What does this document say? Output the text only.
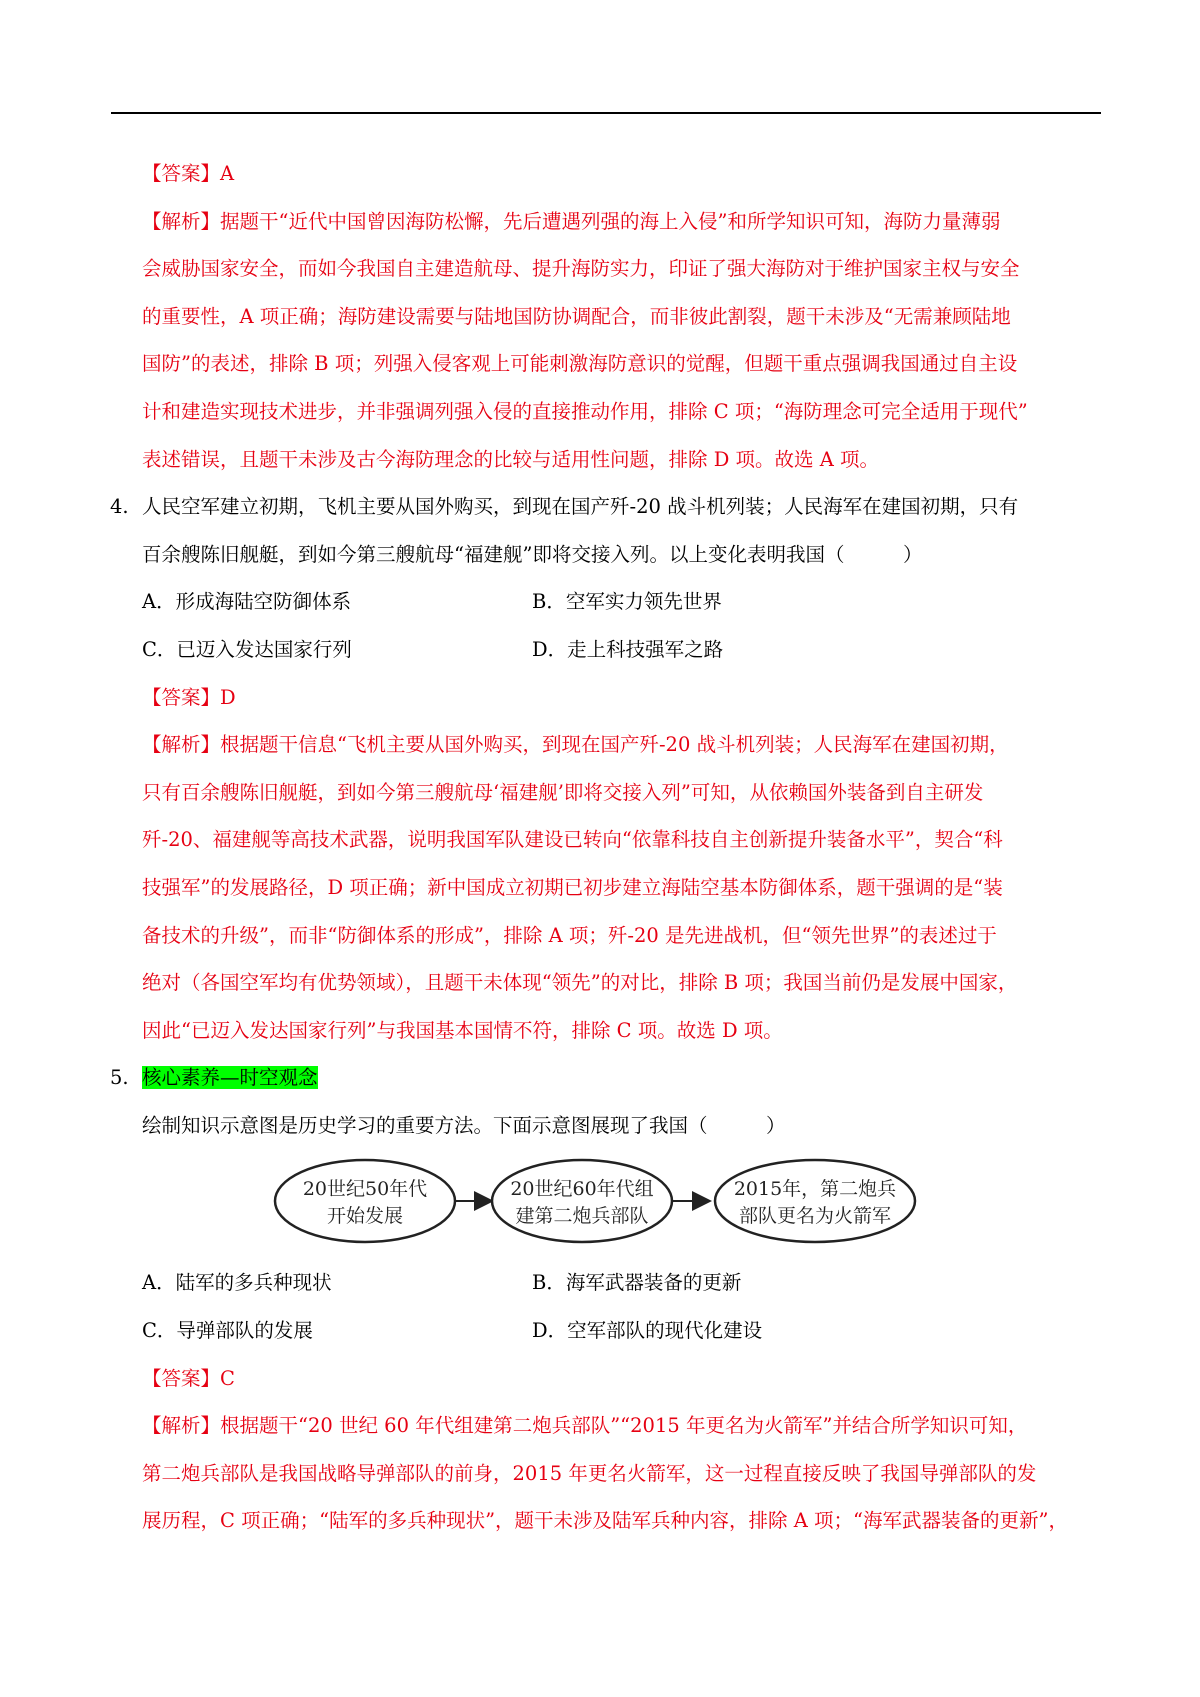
【答案】A
【解析】据题干“近代中国曾因海防松懈，先后遭遇列强的海上入侵”和所学知识可知，海防力量薄弱
会威胁国家安全，而如今我国自主建造航母、提升海防实力，印证了强大海防对于维护国家主权与安全
的重要性，A 项正确；海防建设需要与陆地国防协调配合，而非彼此割裂，题干未涉及“无需兼顾陆地
国防”的表述，排除 B 项；列强入侵客观上可能刺激海防意识的觉醒，但题干重点强调我国通过自主设
计和建造实现技术进步，并非强调列强入侵的直接推动作用，排除 C 项；“海防理念可完全适用于现代”
表述错误，且题干未涉及古今海防理念的比较与适用性问题，排除 D 项。故选 A 项。
4. 人民空军建立初期，飞机主要从国外购买，到现在国产歼-20 战斗机列装；人民海军在建国初期，只有
百余艘陈旧舰艇，到如今第三艘航母“福建舰”即将交接入列。以上变化表明我国（　　　）
A．形成海陆空防御体系	B．空军实力领先世界
C．已迈入发达国家行列	D．走上科技强军之路
【答案】D
【解析】根据题干信息“飞机主要从国外购买，到现在国产歼-20 战斗机列装；人民海军在建国初期，
只有百余艘陈旧舰艇，到如今第三艘航母‘福建舰’即将交接入列”可知，从依赖国外装备到自主研发
歼-20、福建舰等高技术武器，说明我国军队建设已转向“依靠科技自主创新提升装备水平”，契合“科
技强军”的发展路径，D 项正确；新中国成立初期已初步建立海陆空基本防御体系，题干强调的是“装
备技术的升级”，而非“防御体系的形成”，排除 A 项；歼-20 是先进战机，但“领先世界”的表述过于
绝对（各国空军均有优势领域），且题干未体现“领先”的对比，排除 B 项；我国当前仍是发展中国家，
因此“已迈入发达国家行列”与我国基本国情不符，排除 C 项。故选 D 项。
5. 核心素养—时空观念
绘制知识示意图是历史学习的重要方法。下面示意图展现了我国（　　　）
20世纪50年代
开始发展
20世纪60年代组
建第二炮兵部队
2015年，第二炮兵
部队更名为火箭军
A．陆军的多兵种现状	B．海军武器装备的更新
C．导弹部队的发展	D．空军部队的现代化建设
【答案】C
【解析】根据题干“20 世纪 60 年代组建第二炮兵部队”“2015 年更名为火箭军”并结合所学知识可知，
第二炮兵部队是我国战略导弹部队的前身，2015 年更名火箭军，这一过程直接反映了我国导弹部队的发
展历程，C 项正确；“陆军的多兵种现状”，题干未涉及陆军兵种内容，排除 A 项；“海军武器装备的更新”，
